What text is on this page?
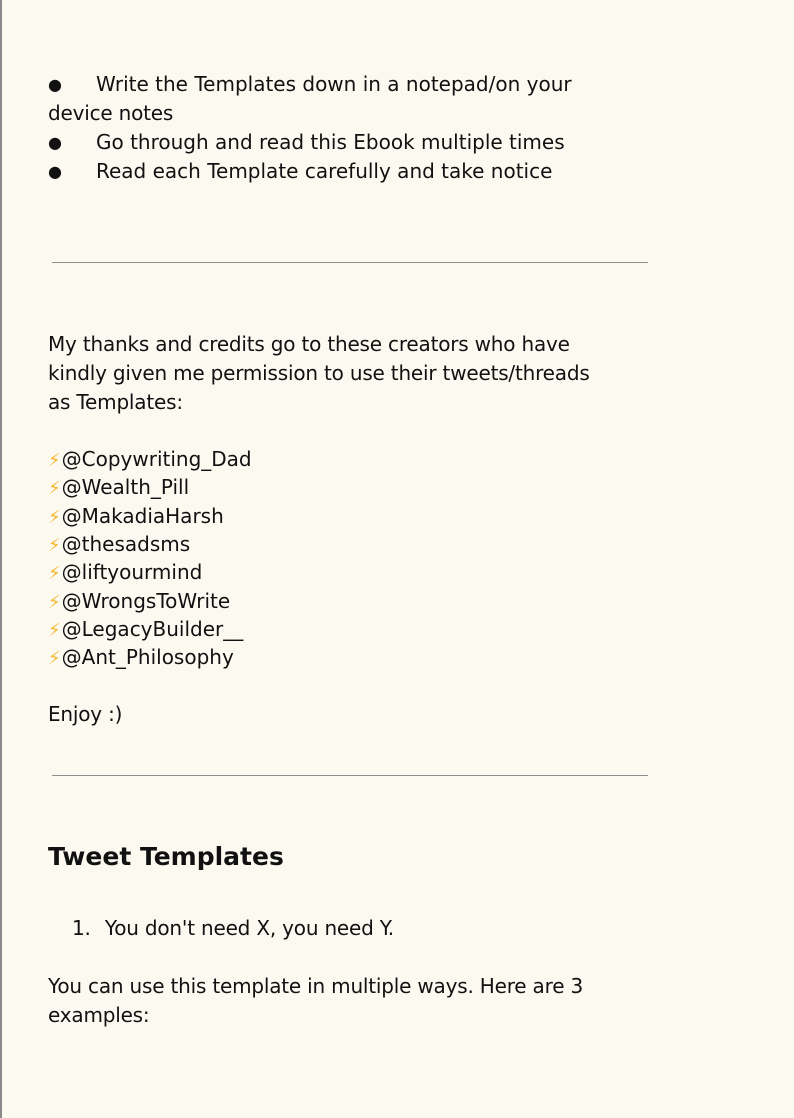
● Write the Templates down in a notepad/on your
device notes
● Go through and read this Ebook multiple times
● Read each Template carefully and take notice
My thanks and credits go to these creators who have
kindly given me permission to use their tweets/threads
as Templates:
⚡@Copywriting_Dad
⚡@Wealth_Pill
⚡@MakadiaHarsh
⚡@thesadsms
⚡@liftyourmind
⚡@WrongsToWrite
⚡@LegacyBuilder__
⚡@Ant_Philosophy
Enjoy :)
Tweet Templates
1. You don't need X, you need Y.
You can use this template in multiple ways. Here are 3
examples:
